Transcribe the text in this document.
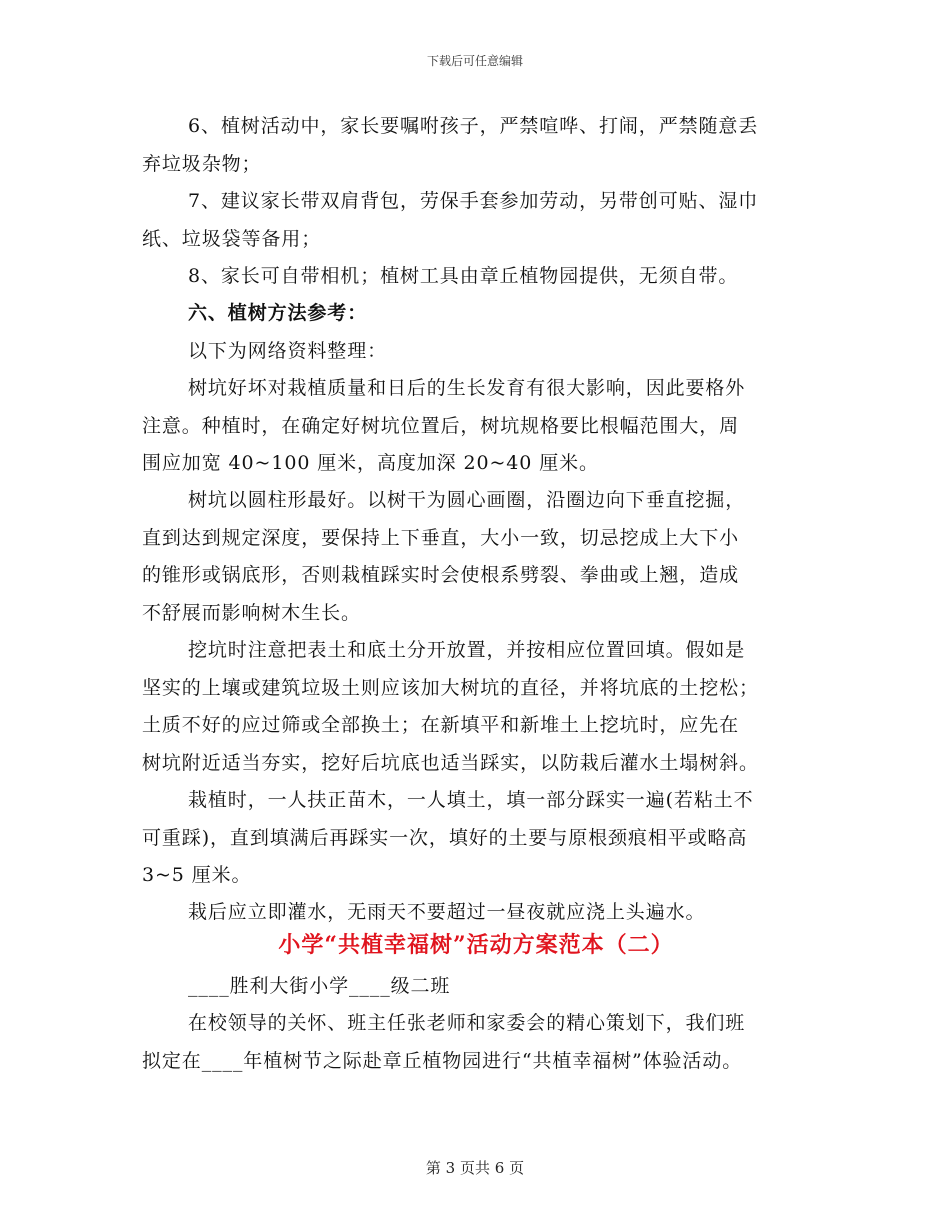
下载后可任意编辑
6、植树活动中，家长要嘱咐孩子，严禁喧哗、打闹，严禁随意丢
弃垃圾杂物；
7、建议家长带双肩背包，劳保手套参加劳动，另带创可贴、湿巾
纸、垃圾袋等备用；
8、家长可自带相机；植树工具由章丘植物园提供，无须自带。
六、植树方法参考：
以下为网络资料整理：
树坑好坏对栽植质量和日后的生长发育有很大影响，因此要格外
注意。种植时，在确定好树坑位置后，树坑规格要比根幅范围大，周
围应加宽 40~100 厘米，高度加深 20~40 厘米。
树坑以圆柱形最好。以树干为圆心画圈，沿圈边向下垂直挖掘，
直到达到规定深度，要保持上下垂直，大小一致，切忌挖成上大下小
的锥形或锅底形，否则栽植踩实时会使根系劈裂、拳曲或上翘，造成
不舒展而影响树木生长。
挖坑时注意把表土和底土分开放置，并按相应位置回填。假如是
坚实的上壤或建筑垃圾土则应该加大树坑的直径，并将坑底的土挖松；
土质不好的应过筛或全部换土；在新填平和新堆土上挖坑时，应先在
树坑附近适当夯实，挖好后坑底也适当踩实，以防栽后灌水土塌树斜。
栽植时，一人扶正苗木，一人填土，填一部分踩实一遍(若粘土不
可重踩)，直到填满后再踩实一次，填好的土要与原根颈痕相平或略高
3~5 厘米。
栽后应立即灌水，无雨天不要超过一昼夜就应浇上头遍水。
小学“共植幸福树”活动方案范本（二）
____胜利大街小学____级二班
在校领导的关怀、班主任张老师和家委会的精心策划下，我们班
拟定在____年植树节之际赴章丘植物园进行“共植幸福树”体验活动。
第 3 页共 6 页
